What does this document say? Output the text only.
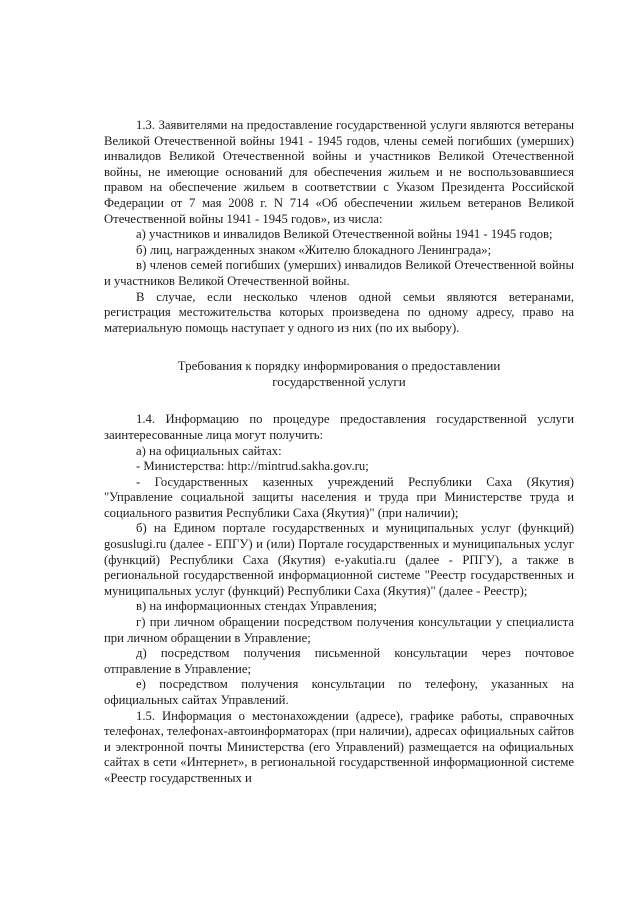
1.3. Заявителями на предоставление государственной услуги являются ветераны Великой Отечественной войны 1941 - 1945 годов, члены семей погибших (умерших) инвалидов Великой Отечественной войны и участников Великой Отечественной войны, не имеющие оснований для обеспечения жильем и не воспользовавшиеся правом на обеспечение жильем в соответствии с Указом Президента Российской Федерации от 7 мая 2008 г. N 714 «Об обеспечении жильем ветеранов Великой Отечественной войны 1941 - 1945 годов», из числа:

а) участников и инвалидов Великой Отечественной войны 1941 - 1945 годов;

б) лиц, награжденных знаком «Жителю блокадного Ленинграда»;

в) членов семей погибших (умерших) инвалидов Великой Отечественной войны и участников Великой Отечественной войны.

В случае, если несколько членов одной семьи являются ветеранами, регистрация местожительства которых произведена по одному адресу, право на материальную помощь наступает у одного из них (по их выбору).

Требования к порядку информирования о предоставлении
государственной услуги

1.4. Информацию по процедуре предоставления государственной услуги заинтересованные лица могут получить:

а) на официальных сайтах:

- Министерства: http://mintrud.sakha.gov.ru;

- Государственных казенных учреждений Республики Саха (Якутия) "Управление социальной защиты населения и труда при Министерстве труда и социального развития Республики Саха (Якутия)" (при наличии);

б) на Едином портале государственных и муниципальных услуг (функций) gosuslugi.ru (далее - ЕПГУ) и (или) Портале государственных и муниципальных услуг (функций) Республики Саха (Якутия) e-yakutia.ru (далее - РПГУ), а также в региональной государственной информационной системе "Реестр государственных и муниципальных услуг (функций) Республики Саха (Якутия)" (далее - Реестр);

в) на информационных стендах Управления;

г) при личном обращении посредством получения консультации у специалиста при личном обращении в Управление;

д) посредством получения письменной консультации через почтовое отправление в Управление;

е) посредством получения консультации по телефону, указанных на официальных сайтах Управлений.

1.5. Информация о местонахождении (адресе), графике работы, справочных телефонах, телефонах-автоинформаторах (при наличии), адресах официальных сайтов и электронной почты Министерства (его Управлений) размещается на официальных сайтах в сети «Интернет», в региональной государственной информационной системе «Реестр государственных и
